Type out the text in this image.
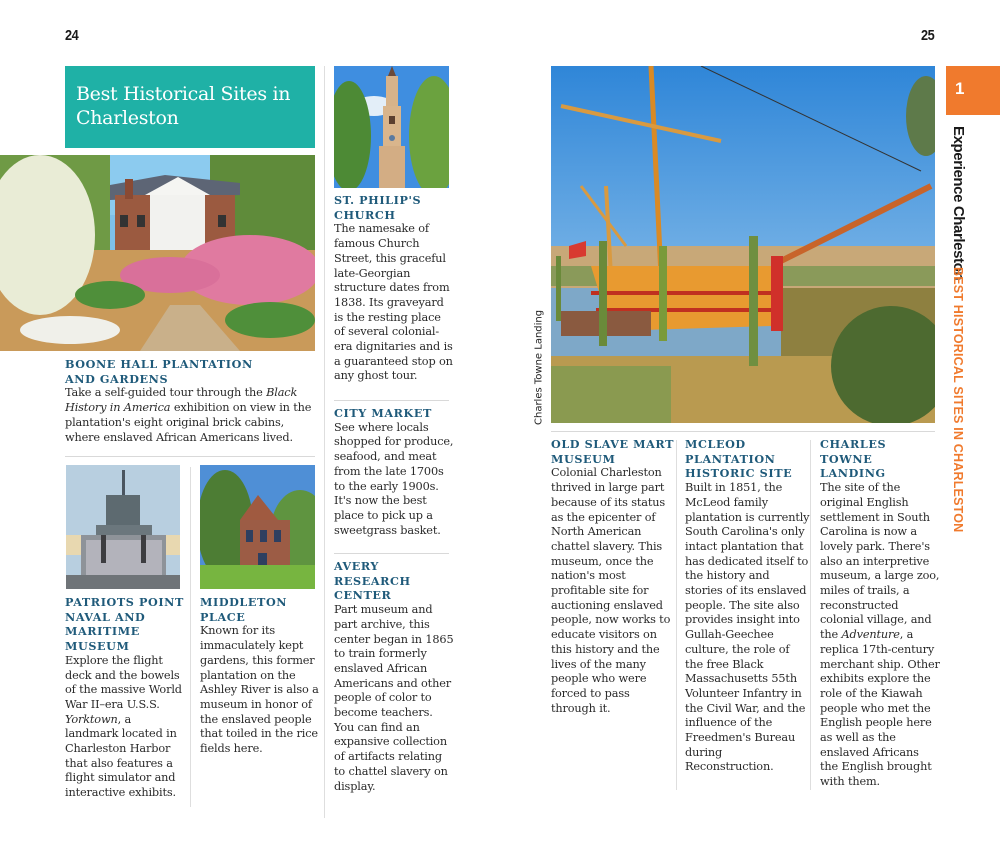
24	25
Best Historical Sites in
Charleston
BOONE HALL PLANTATION
AND GARDENS

Take a self-guided tour through the Black History in America exhibition on view in the plantation's eight original brick cabins, where enslaved African Americans lived.

PATRIOTS POINT NAVAL AND MARITIME MUSEUM

Explore the flight deck and the bowels of the massive World War II–era U.S.S. Yorktown, a landmark located in Charleston Harbor that also features a flight simulator and interactive exhibits.

MIDDLETON PLACE

Known for its immaculately kept gardens, this former plantation on the Ashley River is also a museum in honor of the enslaved people that toiled in the rice fields here.

ST. PHILIP'S CHURCH

The namesake of famous Church Street, this graceful late-Georgian structure dates from 1838. Its graveyard is the resting place of several colonial-era dignitaries and is a guaranteed stop on any ghost tour.

CITY MARKET

See where locals shopped for produce, seafood, and meat from the late 1700s to the early 1900s. It's now the best place to pick up a sweetgrass basket.

AVERY RESEARCH CENTER

Part museum and part archive, this center began in 1865 to train formerly enslaved African Americans and other people of color to become teachers. You can find an expansive collection of artifacts relating to chattel slavery on display.

Charles Towne Landing
1
Experience Charleston
BEST HISTORICAL SITES IN CHARLESTON
OLD SLAVE MART MUSEUM

Colonial Charleston thrived in large part because of its status as the epicenter of North American chattel slavery. This museum, once the nation's most profitable site for auctioning enslaved people, now works to educate visitors on this history and the lives of the many people who were forced to pass through it.

MCLEOD PLANTATION HISTORIC SITE

Built in 1851, the McLeod family plantation is currently South Carolina's only intact plantation that has dedicated itself to the history and stories of its enslaved people. The site also provides insight into Gullah-Geechee culture, the role of the free Black Massachusetts 55th Volunteer Infantry in the Civil War, and the influence of the Freedmen's Bureau during Reconstruction.

CHARLES TOWNE LANDING

The site of the original English settlement in South Carolina is now a lovely park. There's also an interpretive museum, a large zoo, miles of trails, a reconstructed colonial village, and the Adventure, a replica 17th-century merchant ship. Other exhibits explore the role of the Kiawah people who met the English people here as well as the enslaved Africans the English brought with them.
